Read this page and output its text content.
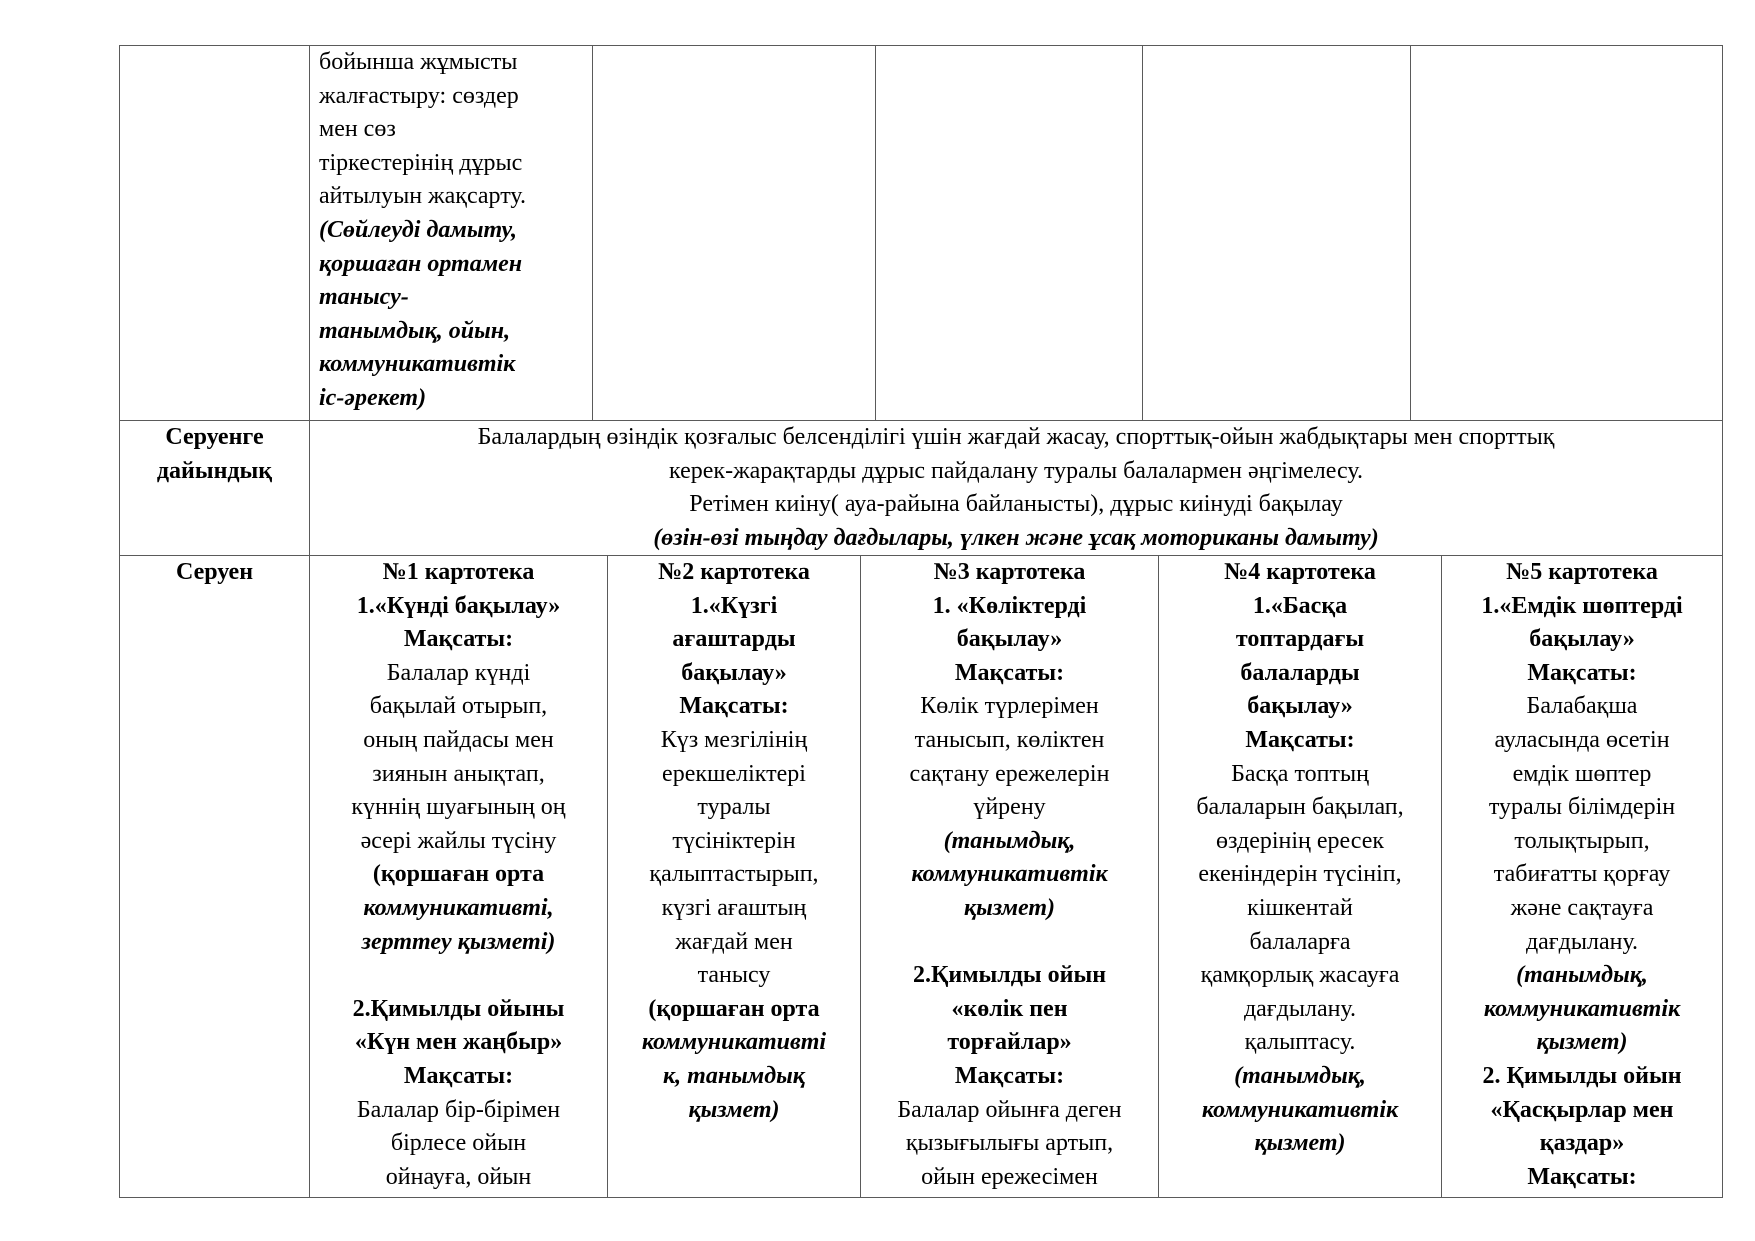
бойынша жұмысты
жалғастыру: сөздер
мен сөз
тіркестерінің дұрыс
айтылуын жақсарту.
(Сөйлеуді дамыту,
қоршаған ортамен
танысу-
танымдық, ойын,
коммуникативтік
іс-әрекет)
Серуенге
дайындық
Балалардың өзіндік қозғалыс белсенділігі үшін жағдай жасау, спорттық-ойын жабдықтары мен спорттық
керек-жарақтарды дұрыс пайдалану туралы балалармен әңгімелесу.
Ретімен киіну( ауа-райына байланысты), дұрыс киінуді бақылау
(өзін-өзі тыңдау дағдылары, үлкен және ұсақ моториканы дамыту)
Серуен	№1 картотека
1.«Күнді бақылау»
Мақсаты:
Балалар күнді
бақылай отырып,
оның пайдасы мен
зиянын анықтап,
күннің шуағының оң
әсері жайлы түсіну
(қоршаған орта
коммуникативті,
зерттеу қызметі)

2.Қимылды ойыны
«Күн мен жаңбыр»
Мақсаты:
Балалар бір-бірімен
бірлесе ойын
ойнауға, ойын
№2 картотека
1.«Күзгі
ағаштарды
бақылау»
Мақсаты:
Күз мезгілінің
ерекшеліктері
туралы
түсініктерін
қалыптастырып,
күзгі ағаштың
жағдай мен
танысу
(қоршаған орта
коммуникативті
к, танымдық
қызмет)
№3 картотека
1. «Көліктерді
бақылау»
Мақсаты:
Көлік түрлерімен
танысып, көліктен
сақтану ережелерін
үйрену
(танымдық,
коммуникативтік
қызмет)

2.Қимылды ойын
«көлік пен
торғайлар»
Мақсаты:
Балалар ойынға деген
қызығылығы артып,
ойын ережесімен
№4 картотека
1.«Басқа
топтардағы
балаларды
бақылау»
Мақсаты:
Басқа топтың
балаларын бақылап,
өздерінің ересек
екеніндерін түсініп,
кішкентай
балаларға
қамқорлық жасауға
дағдылану.
қалыптасу.
(танымдық,
коммуникативтік
қызмет)
№5 картотека
1.«Емдік шөптерді
бақылау»
Мақсаты:
Балабақша
ауласында өсетін
емдік шөптер
туралы білімдерін
толықтырып,
табиғатты қорғау
және сақтауға
дағдылану.
(танымдық,
коммуникативтік
қызмет)
2. Қимылды ойын
«Қасқырлар мен
қаздар»
Мақсаты:
